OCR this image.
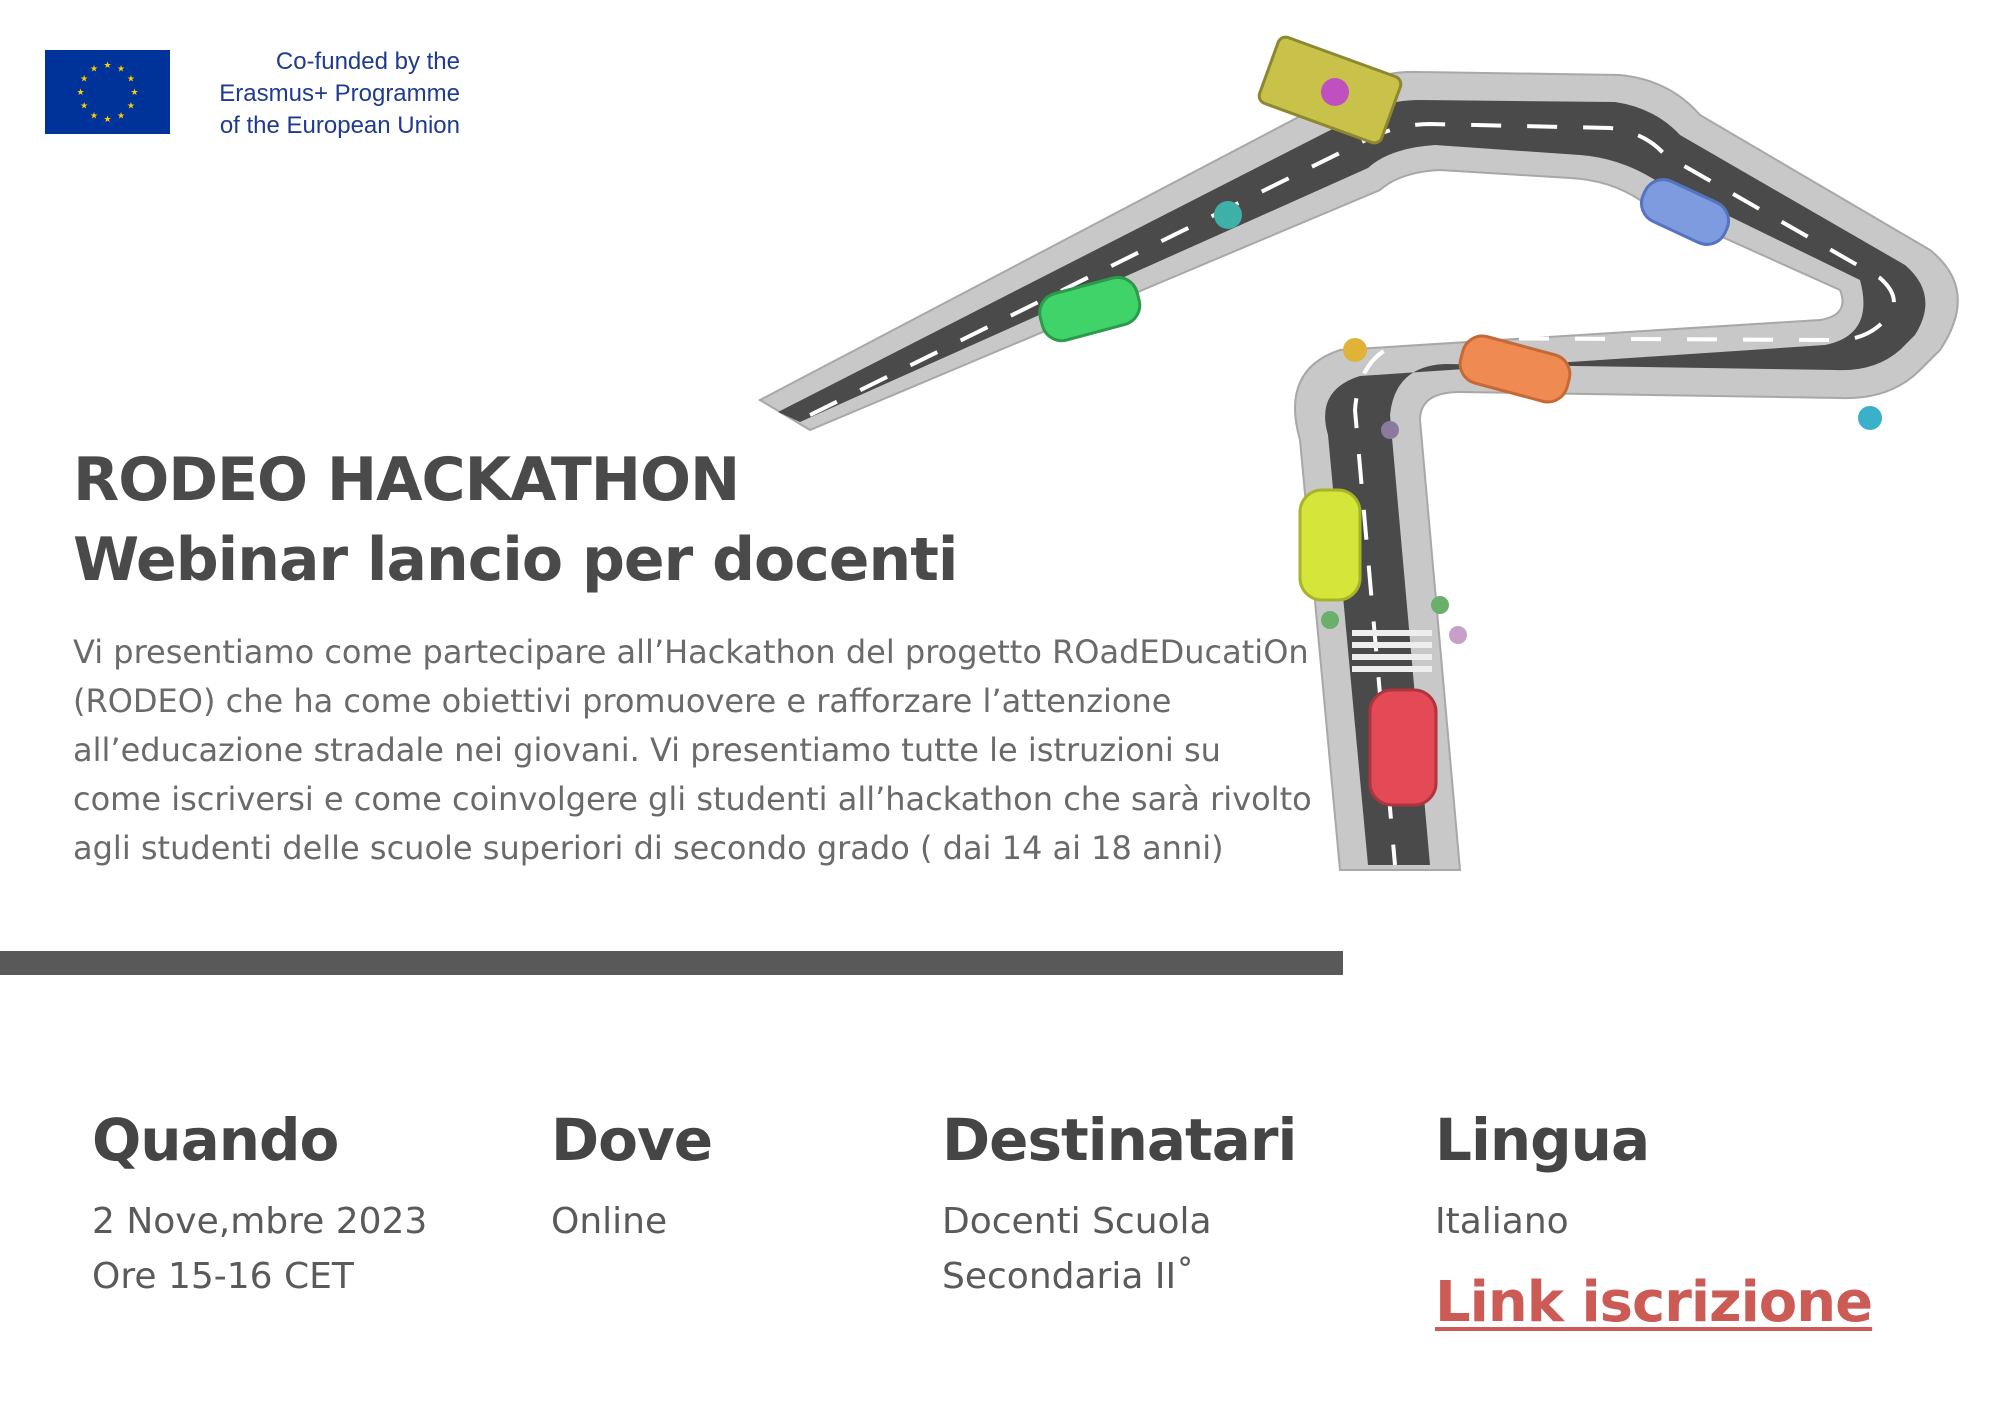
★ ★
★
★
★
★
★
★
★
★
★
★	Co-funded by the
Erasmus+ Programme
of the European Union
RODEO HACKATHON
Webinar lancio per docenti
Vi presentiamo come partecipare all’Hackathon del progetto ROadEDucatiOn (RODEO) che ha come obiettivi promuovere e rafforzare l’attenzione all’educazione stradale nei giovani. Vi presentiamo tutte le istruzioni su come iscriversi e come coinvolgere gli studenti all’hackathon che sarà rivolto agli studenti delle scuole superiori di secondo grado ( dai 14 ai 18 anni)
Quando
2 Nove,mbre 2023
Ore 15-16 CET
Dove
Online
Destinatari
Docenti Scuola
Secondaria II˚
Lingua
Italiano
Link iscrizione
